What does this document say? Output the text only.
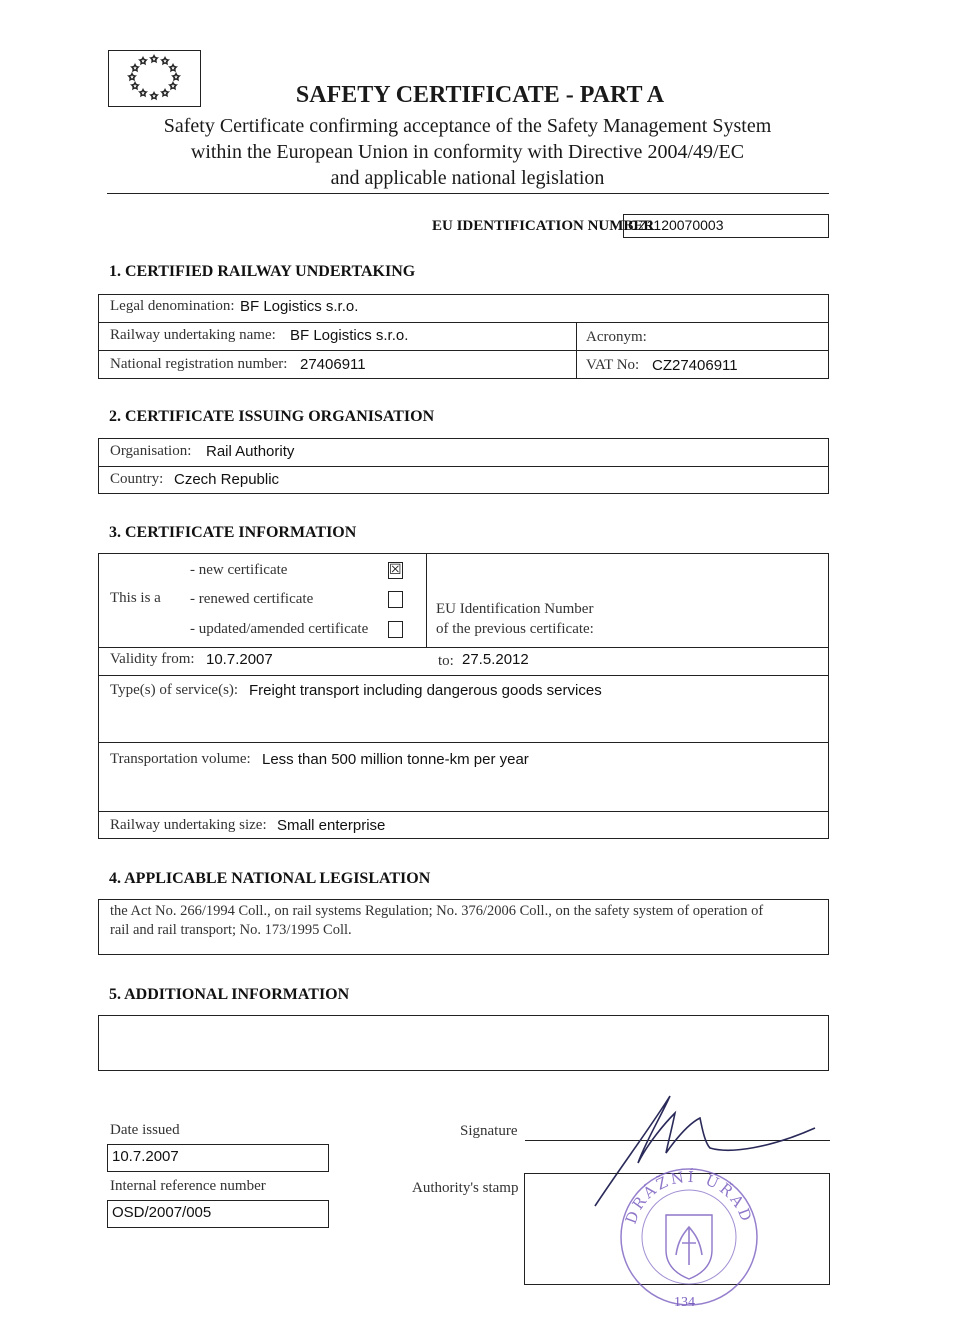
✩ ✩
✩
✩
✩
✩
✩
✩
✩
✩
✩
✩
SAFETY CERTIFICATE - PART A
Safety Certificate confirming acceptance of the Safety Management System
within the European Union in conformity with Directive 2004/49/EC
and applicable national legislation
EU IDENTIFICATION NUMBER
CZ1120070003
1. CERTIFIED RAILWAY UNDERTAKING
Legal denomination: BF Logistics s.r.o.
Railway undertaking name: BF Logistics s.r.o.	Acronym:
National registration number: 27406911	VAT No: CZ27406911
2. CERTIFICATE ISSUING ORGANISATION
Organisation: Rail Authority
Country: Czech Republic
3. CERTIFICATE INFORMATION
This is a
- new certificate	☒
- renewed certificate
- updated/amended certificate
EU Identification Number
of the previous certificate:
Validity from: 10.7.2007	to: 27.5.2012
Type(s) of service(s): Freight transport including dangerous goods services
Transportation volume: Less than 500 million tonne-km per year
Railway undertaking size: Small enterprise
4. APPLICABLE NATIONAL LEGISLATION
the Act No. 266/1994 Coll., on rail systems Regulation; No. 376/2006 Coll., on the safety system of operation of
rail and rail transport; No. 173/1995 Coll.
5. ADDITIONAL INFORMATION
Date issued
10.7.2007
Internal reference number
OSD/2007/005
Signature
Authority's stamp
DRÁŽNÍ ÚŘAD
134
